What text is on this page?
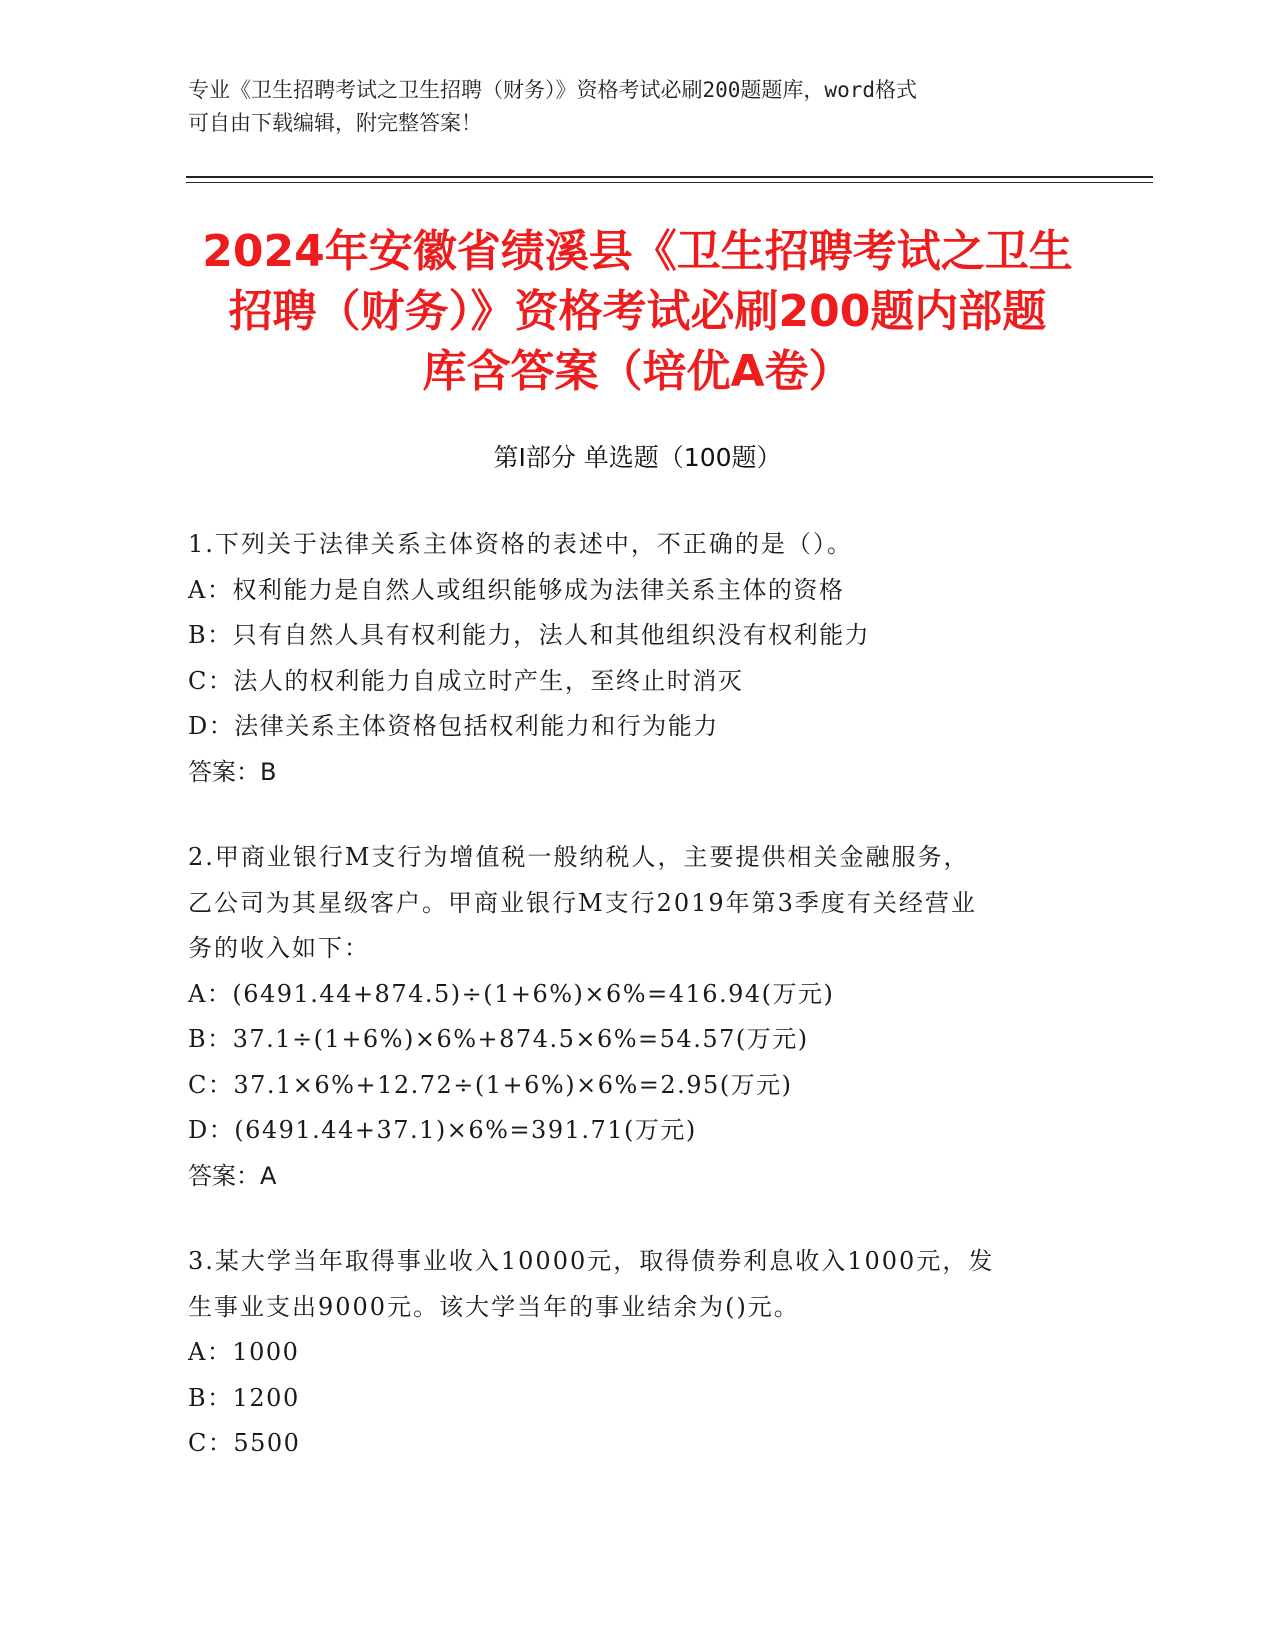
专业《卫生招聘考试之卫生招聘（财务）》资格考试必刷200题题库，word格式
可自由下载编辑，附完整答案！
2024年安徽省绩溪县《卫生招聘考试之卫生
招聘（财务）》资格考试必刷200题内部题
库含答案（培优A卷）
第Ⅰ部分 单选题（100题）
1.下列关于法律关系主体资格的表述中，不正确的是（）。
A：权利能力是自然人或组织能够成为法律关系主体的资格
B：只有自然人具有权利能力，法人和其他组织没有权利能力
C：法人的权利能力自成立时产生，至终止时消灭
D：法律关系主体资格包括权利能力和行为能力
答案：B
2.甲商业银行M支行为增值税一般纳税人，主要提供相关金融服务，
乙公司为其星级客户。甲商业银行M支行2019年第3季度有关经营业
务的收入如下：
A：(6491.44+874.5)÷(1+6%)×6%=416.94(万元)
B：37.1÷(1+6%)×6%+874.5×6%=54.57(万元)
C：37.1×6%+12.72÷(1+6%)×6%=2.95(万元)
D：(6491.44+37.1)×6%=391.71(万元)
答案：A
3.某大学当年取得事业收入10000元，取得债券利息收入1000元，发
生事业支出9000元。该大学当年的事业结余为()元。
A：1000
B：1200
C：5500
